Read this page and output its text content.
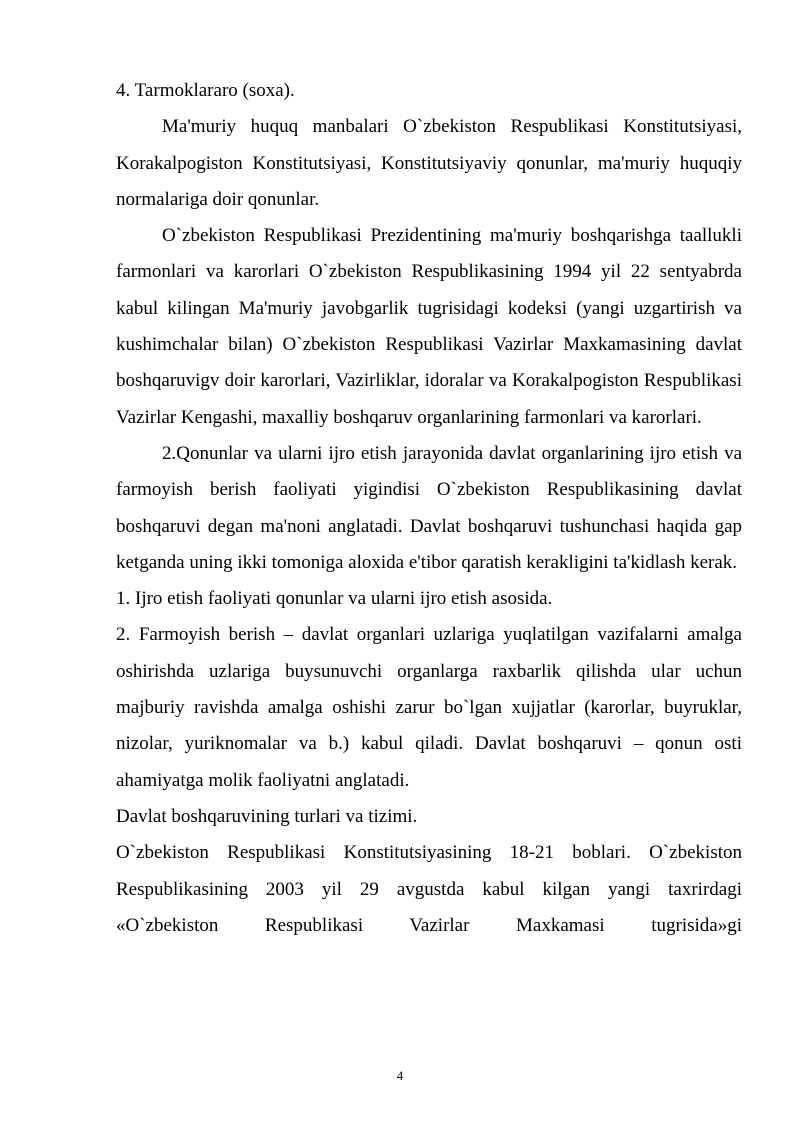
4. Tarmoklararo (soxa).

Ma'muriy huquq manbalari O`zbekiston Respublikasi Konstitutsiyasi, Korakalpogiston Konstitutsiyasi, Konstitutsiyaviy qonunlar, ma'muriy huquqiy normalariga doir qonunlar.

O`zbekiston Respublikasi Prezidentining ma'muriy boshqarishga taallukli farmonlari va karorlari O`zbekiston Respublikasining 1994 yil 22 sentyabrda kabul kilingan Ma'muriy javobgarlik tugrisidagi kodeksi (yangi uzgartirish va kushimchalar bilan) O`zbekiston Respublikasi Vazirlar Maxkamasining davlat boshqaruvigv doir karorlari, Vazirliklar, idoralar va Korakalpogiston Respublikasi Vazirlar Kengashi, maxalliy boshqaruv organlarining farmonlari va karorlari.

2.Qonunlar va ularni ijro etish jarayonida davlat organlarining ijro etish va farmoyish berish faoliyati yigindisi O`zbekiston Respublikasining davlat boshqaruvi degan ma'noni anglatadi. Davlat boshqaruvi tushunchasi haqida gap ketganda uning ikki tomoniga aloxida e'tibor qaratish kerakligini ta'kidlash kerak.

1. Ijro etish faoliyati qonunlar va ularni ijro etish asosida.

2. Farmoyish berish – davlat organlari uzlariga yuqlatilgan vazifalarni amalga oshirishda uzlariga buysunuvchi organlarga raxbarlik qilishda ular uchun majburiy ravishda amalga oshishi zarur bo`lgan xujjatlar (karorlar, buyruklar, nizolar, yuriknomalar va b.) kabul qiladi. Davlat boshqaruvi – qonun osti ahamiyatga molik faoliyatni anglatadi.

Davlat boshqaruvining turlari va tizimi.

O`zbekiston Respublikasi Konstitutsiyasining 18-21 boblari. O`zbekiston Respublikasining 2003 yil 29 avgustda kabul kilgan yangi taxrirdagi «O`zbekiston Respublikasi Vazirlar Maxkamasi tugrisida»gi

4
